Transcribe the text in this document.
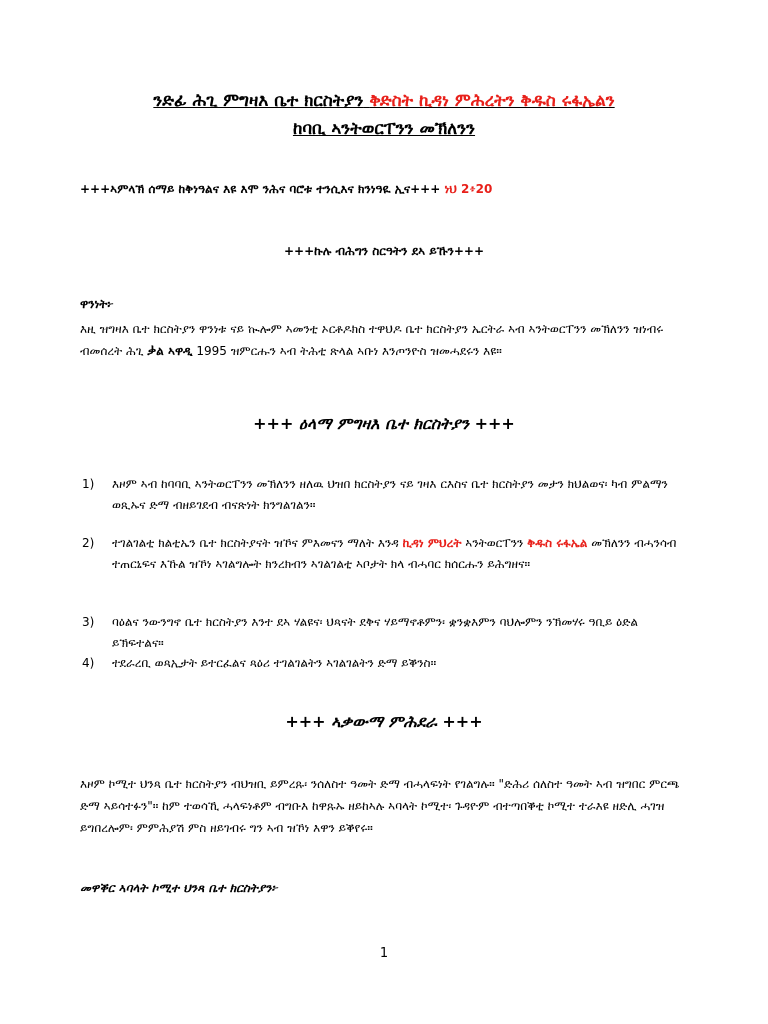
ንድፊ ሕጊ ምግዛእ ቤተ ክርስትያን ቅድስት ኪዳነ ምሕረትን ቅዱስ ሩፋኤልን
ከባቢ ኣንትወርፐንን መኽለንን
+++ኣምላኽ ሰማይ ከቅነዓልና እዩ እሞ ንሕና ባሮቱ ተንሲእና ክንነዓዪ ኢና+++ ነህ 2፥20
+++ኩሉ ብሕግን ስርዓትን ደኣ ይኹን+++
ዋንነት፦
እዚ ዝግዛእ ቤተ ክርስትያን ዋንነቱ ናይ ኲሎም ኣመንቲ ኦርቶዶክስ ተዋህዶ ቤተ ክርስትያን ኤርትራ ኣብ ኣንትወርፐንን መኽለንን ዝነብሩ ብመሰረት ሕጊ ቃል ኣዋዲ 1995 ዝምርሑን ኣብ ትሕቲ ጽላል ኣቡነ እንጦንዮስ ዝመሓደሩን እዩ።
+++ ዕላማ ምግዛእ ቤተ ክርስትያን +++
1) እዞም ኣብ ከባባቢ ኣንትወርፐንን መኽለንን ዘለዉ ህዝበ ክርስትያን ናይ ገዛእ ርእስና ቤተ ክርስትያን መታን ክህልወና፡ ካብ ምልማን ወጺኡና ድማ ብዘይገደብ ብናጽነት ክንግልገልን።
2) ተገልገልቲ ክልቲኤን ቤተ ክርስትያናት ዝኾና ምእመናን ማለት እንዳ ኪዳነ ምህረት ኣንትወርፐንን ቅዱስ ሩፋኤል መኽለንን ብሓንሳብ ተጠርኒፍና እኹል ዝኾነ ኣገልግሎት ክንረክብን ኣገልገልቲ ኣቦታት ክላ ብሓባር ክሰርሑን ይሕግዘና።
3) ባዕልና ንውንግኖ ቤተ ክርስትያን እንተ ደኣ ሃልዩና፡ ህጻናት ደቅና ሃይማኖቶምን፡ ቋንቋእምን ባህሎምን ንኽመሃሩ ዓቢይ ዕድል ይኽፍተልና።
4) ተደራረቢ ወጻኢታት ይተርፈልና ጻዕሪ ተገልገልትን ኣገልገልትን ድማ ይቕንስ።
+++ ኣቃውማ ምሕደራ +++
እዞም ኮሚተ ህንጻ ቤተ ክርስትያን ብህዝቢ ይምረጹ፡ ንሰለስተ ዓመት ድማ ብሓላፍነት የገልግሉ። "ድሕሪ ሰለስተ ዓመት ኣብ ዝግበር ምርጫ ድማ ኣይሳተፉን"። ከም ተወሳኺ ሓላፍነቶም ብግቡእ ከዋጹኡ ዘይከኣሉ ኣባላት ኮሚተ፡ ጉዳዮም ብተጣበቕቲ ኮሚተ ተራእዩ ዘድሊ ሓገዝ ይግበረሎም፡ ምምሕያሽ ምስ ዘይገብሩ ግን ኣብ ዝኾነ እዋን ይቕየሩ።
መዋቕር ኣባላት ኮሚተ ህንጻ ቤተ ክርስትያን፦
1
